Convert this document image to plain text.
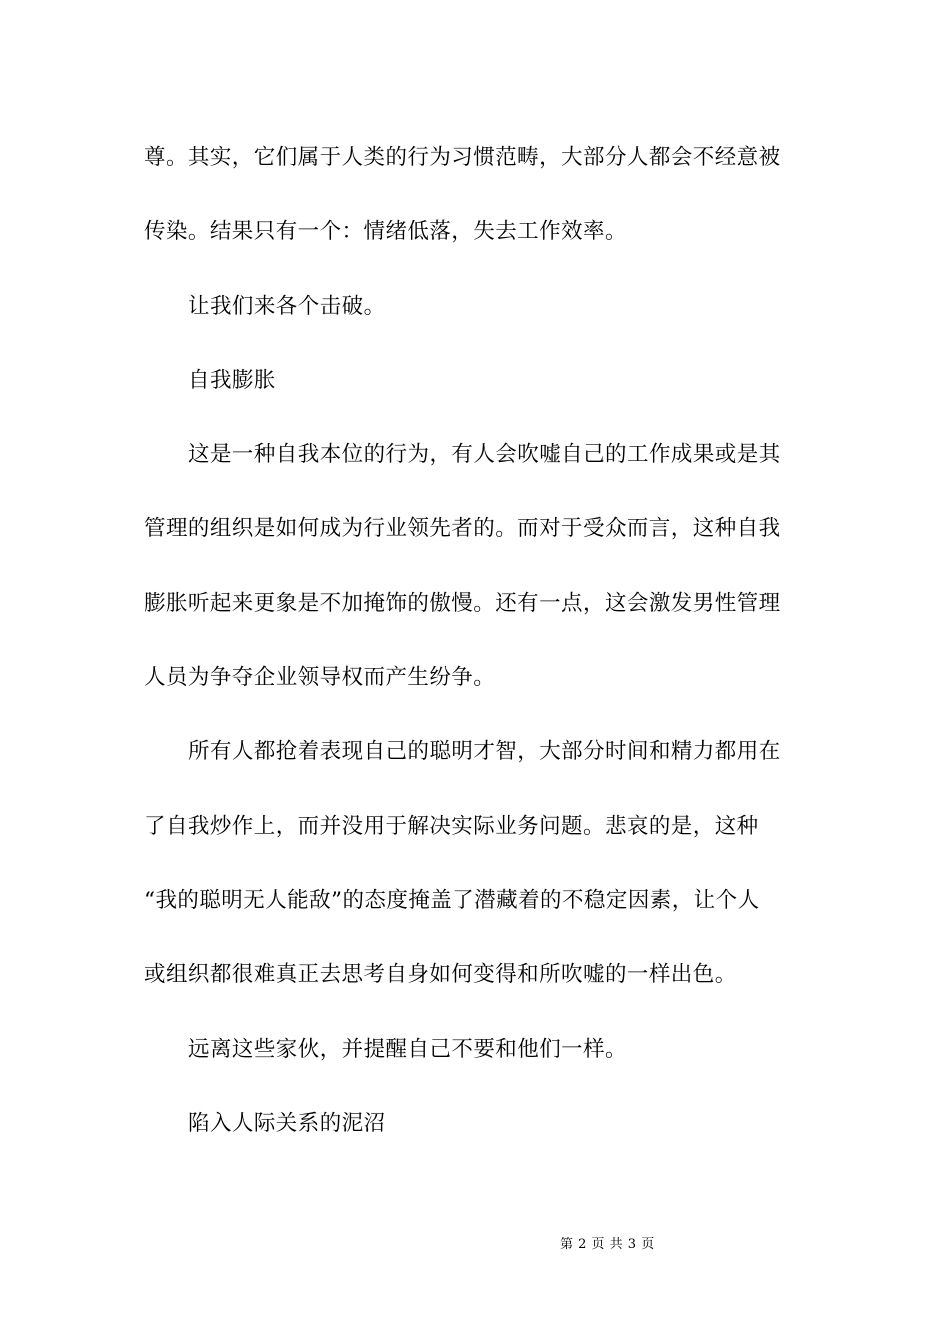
尊。其实，它们属于人类的行为习惯范畴，大部分人都会不经意被
传染。结果只有一个：情绪低落，失去工作效率。
让我们来各个击破。
自我膨胀
这是一种自我本位的行为，有人会吹嘘自己的工作成果或是其
管理的组织是如何成为行业领先者的。而对于受众而言，这种自我
膨胀听起来更象是不加掩饰的傲慢。还有一点，这会激发男性管理
人员为争夺企业领导权而产生纷争。
所有人都抢着表现自己的聪明才智，大部分时间和精力都用在
了自我炒作上，而并没用于解决实际业务问题。悲哀的是，这种
“我的聪明无人能敌”的态度掩盖了潜藏着的不稳定因素，让个人
或组织都很难真正去思考自身如何变得和所吹嘘的一样出色。
远离这些家伙，并提醒自己不要和他们一样。
陷入人际关系的泥沼
第 2 页 共 3 页
